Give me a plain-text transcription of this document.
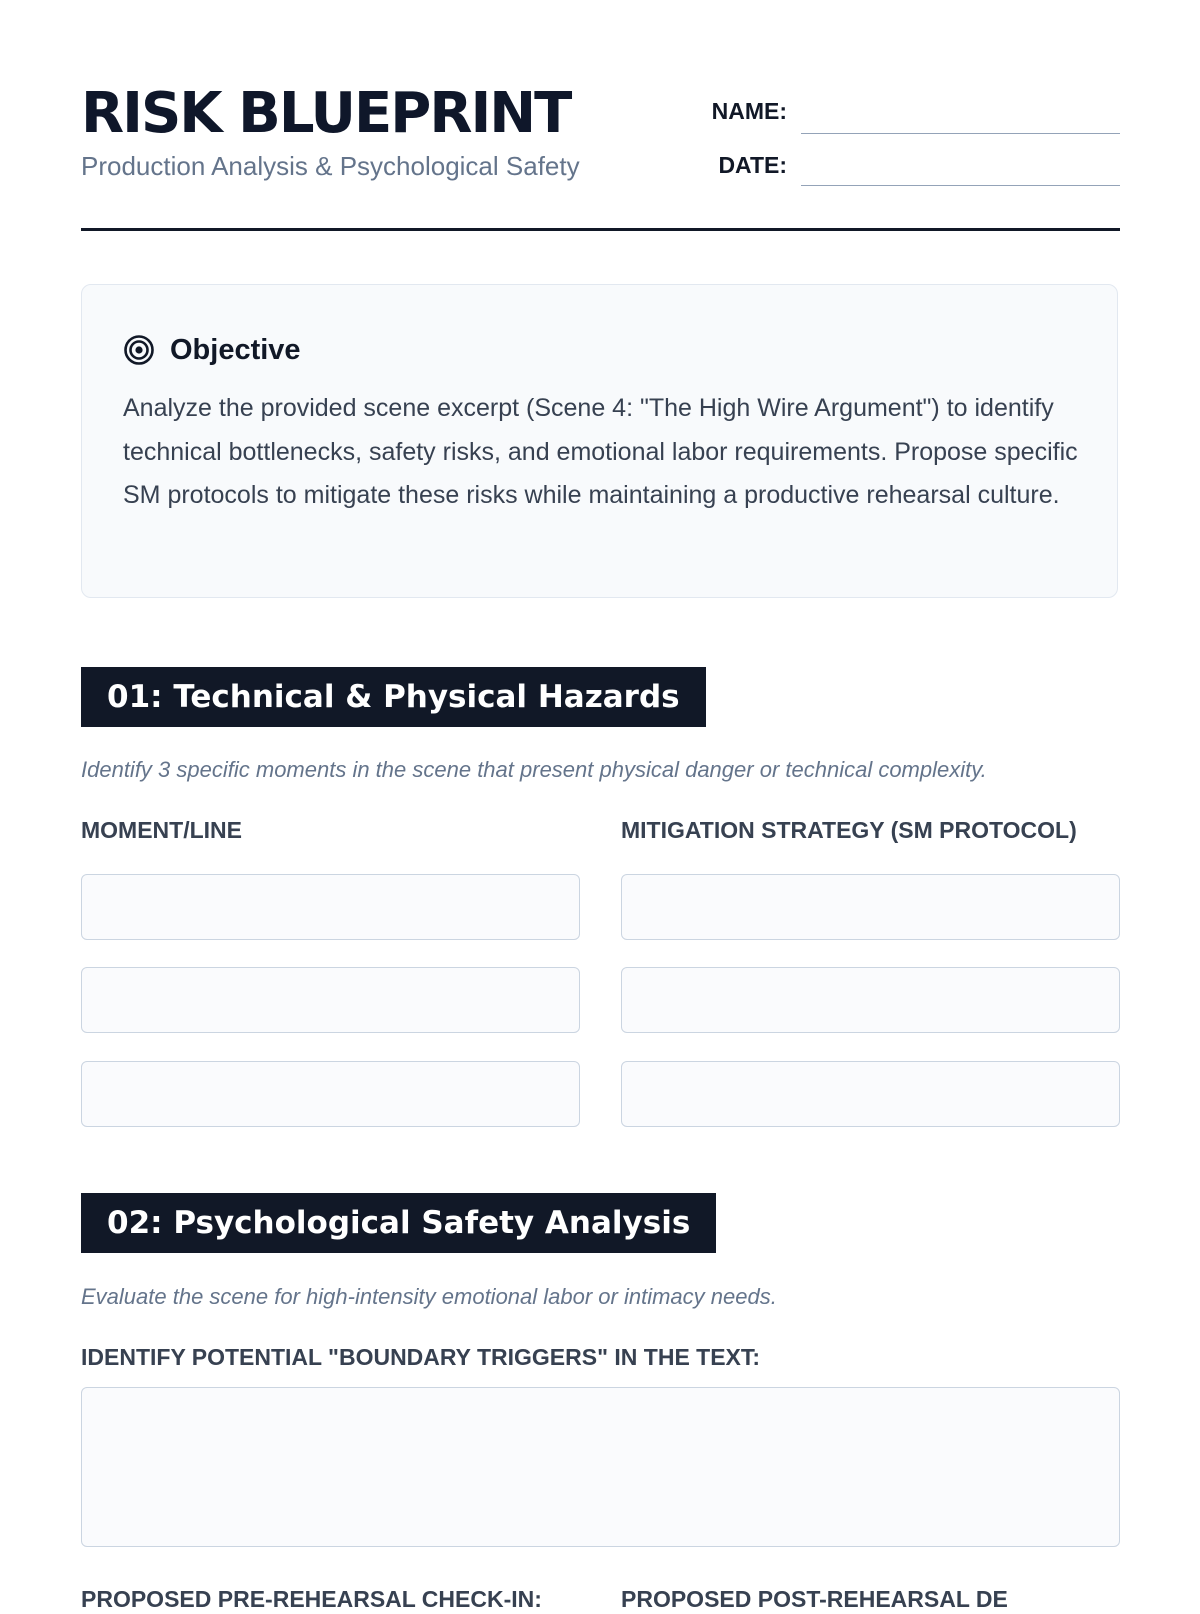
RISK BLUEPRINT
Production Analysis & Psychological Safety
NAME:
DATE:
Objective

Analyze the provided scene excerpt (Scene 4: "The High Wire Argument") to identify technical bottlenecks, safety risks, and emotional labor requirements. Propose specific SM protocols to mitigate these risks while maintaining a productive rehearsal culture.

01: Technical & Physical Hazards
Identify 3 specific moments in the scene that present physical danger or technical complexity.
MOMENT/LINE	MITIGATION STRATEGY (SM PROTOCOL)
02: Psychological Safety Analysis
Evaluate the scene for high-intensity emotional labor or intimacy needs.
IDENTIFY POTENTIAL "BOUNDARY TRIGGERS" IN THE TEXT:
PROPOSED PRE-REHEARSAL CHECK-IN:	PROPOSED POST-REHEARSAL DE
